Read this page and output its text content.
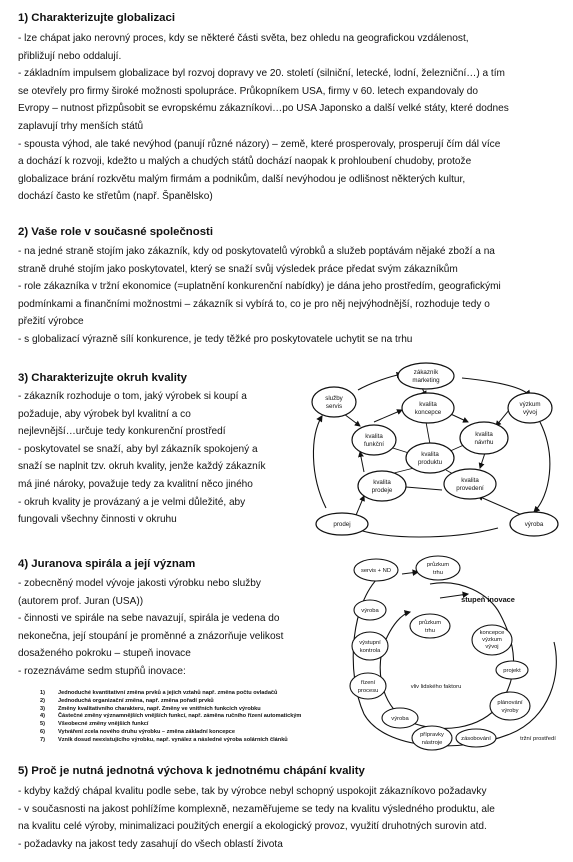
1) Charakterizujte globalizaci
- lze chápat jako nerovný proces, kdy se některé části světa, bez ohledu na geografickou vzdálenost,
přibližují nebo oddalují.
- základním impulsem globalizace byl rozvoj dopravy ve 20. století (silniční, letecké, lodní, železniční…) a tím
se otevřely pro firmy široké možnosti spolupráce. Průkopníkem USA, firmy v 60. letech expandovaly do
Evropy – nutnost přizpůsobit se evropskému zákazníkovi…po USA Japonsko a další velké státy, které dodnes
zaplavují trhy menších států
- spousta výhod, ale také nevýhod (panují různé názory) – země, které prosperovaly, prosperují čím dál více
a dochází k rozvoji, kdežto u malých a chudých států dochází naopak k prohloubení chudoby, protože
globalizace brání rozkvětu malým firmám a podnikům, další nevýhodou je odlišnost některých kultur,
dochází často ke střetům (např. Španělsko)
2) Vaše role v současné společnosti
- na jedné straně stojím jako zákazník, kdy od poskytovatelů výrobků a služeb poptávám nějaké zboží a na
straně druhé stojím jako poskytovatel, který se snaží svůj výsledek práce předat svým zákazníkům
- role zákazníka v tržní ekonomice (=uplatnění konkurenční nabídky) je dána jeho prostředím, geografickými
podmínkami a finančními možnostmi – zákazník si vybírá to, co je pro něj nejvýhodnější, rozhoduje tedy o
přežití výrobce
- s globalizací výrazně sílí konkurence, je tedy těžké pro poskytovatele uchytit se na trhu
3) Charakterizujte okruh kvality
- zákazník rozhoduje o tom, jaký výrobek si koupí a
požaduje, aby výrobek byl kvalitní a co
nejlevnější…určuje tedy konkurenční prostředí
- poskytovatel se snaží, aby byl zákazník spokojený a
snaží se naplnit tzv. okruh kvality, jenže každý zákazník
má jiné nároky, považuje tedy za kvalitní něco jiného
- okruh kvality je provázaný a je velmi důležité, aby
fungovali všechny činnosti v okruhu
zákazník
marketing
výzkum
vývoj
výroba
prodej
služby
servis	kvalita
koncepce
kvalita
návrhu
kvalita
provedení
kvalita
prodeje
kvalita
funkční
kvalita
produktu
4) Juranova spirála a její význam
- zobecněný model vývoje jakosti výrobku nebo služby
(autorem prof. Juran (USA))
- činnosti ve spirále na sebe navazují, spirála je vedena do
nekonečna, její stoupání je proměnné a znázorňuje velikost
dosaženého pokroku – stupeň inovace
- rozeznáváme sedm stupňů inovace:
1) Jednoduché kvantitativní změna prvků a jejich vztahů např. změna počtu ovladačů
2) Jednoduchá organizační změna, např. změna pořadí prvků
3) Změny kvalitativního charakteru, např. Změny ve vnitřních funkcích výrobku
4) Částečné změny významnějších vnějších funkcí, např. záměna ručního řízení automatickým
5) Všeobecné změny vnějších funkcí
6) Vytváření zcela nového druhu výrobku – změna základní koncepce
7) Vznik dosud neexistujícího výrobku, např. vynález a následné výroba solárních článků
servis + ND
průzkum
trhu
výroba
průzkum
trhu	koncepce
výzkum
vývoj
výstupní
kontrola
projekt
řízení
procesu
vliv lidského faktoru
plánování
výroby
výroba
přípravky
nástroje
zásobování	tržní prostředí
stupeň inovace
5) Proč je nutná jednotná výchova k jednotnému chápání kvality
- kdyby každý chápal kvalitu podle sebe, tak by výrobce nebyl schopný uspokojit zákazníkovo požadavky
- v současnosti na jakost pohlížíme komplexně, nezaměřujeme se tedy na kvalitu výsledného produktu, ale
na kvalitu celé výroby, minimalizaci použitých energií a ekologický provoz, využití druhotných surovin atd.
- požadavky na jakost tedy zasahují do všech oblastí života
